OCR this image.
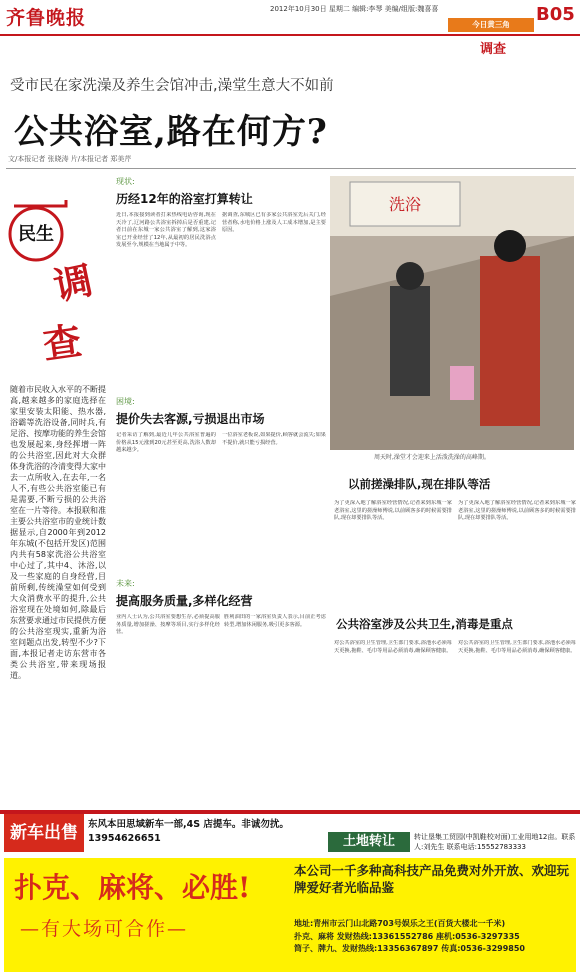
齐鲁晚报	2012年10月30日 星期二 编辑:李琴 美编/组版:魏喜喜
今日黄三角	B05
调查
受市民在家洗澡及养生会馆冲击,澡堂生意大不如前
公共浴室,路在何方?
文/本报记者 张晓涛 片/本报记者 郑美芹
民生
调
查
随着市民收入水平的不断提高,越来越多的家庭选择在家里安装太阳能、热水器,浴霸等洗浴设备,同时兵,有足浴、按摩功能的养生会馆也发展起来,身经挥增一阵的公共浴室,因此对大众群体身洗浴的冷清变得大家中去一点所收入,在去年,一名人不,有些公共浴室能已有是需要,不断亏损的公共浴室在一片等待。本报联和准主要公共浴室市的业统计数据显示,自2000年到2012年东城(不包括开发区)范围内共有58家洗浴公共浴室中心过了,其中4、沐浴,以及一些家庭的自身经营,目前所剩,传统澡堂如何受到大众消费水平的提升,公共浴室现在处境如何,除最后东营要求通过市民提供方便的公共浴室现实,重新为浴室问题点出发,转型不少?下面,本报记者走访东营市各类公共浴室,带来现场报道。
现状:
历经12年的浴室打算转让
近日,本报接到读者打来热线电话咨询,现在天冷了,辽河路公共浴室拆掉后是否重建,记者日前在东城一家公共浴室了解到,这家浴室已开业经营了12年,从最初的居民洗浴点发展至今,规模在当地属于中等。
据调查,东城区已有多家公共浴室先后关门,经营者称,水电价格上涨及人工成本增加,是主要原因。
困境:
提价失去客源,亏损退出市场
记者采访了解到,最近几年公共浴室普遍的价格从15元涨到20元甚至更高,洗浴人数却越来越少。
一位浴室老板说,如果提价,顾客就会流失;如果不提价,就只能亏损经营。
未来:
提高服务质量,多样化经营
业内人士认为,公共浴室要想生存,必须提高服务质量,增加搓澡、按摩等项目,实行多样化经营。
胜利油田的一家浴室负责人表示,目前正考虑转型,增加休闲服务,吸引更多客源。
洗浴
周天时,澡堂才会迎来上活泼洗澡的高峰期。
以前搓澡排队,现在排队等活
为了更深入地了解浴室经营情况,记者来到东城一家老浴室,这里的搓澡师傅说,以前顾客多的时候需要排队,现在却要排队等活。
为了更深入地了解浴室经营情况,记者来到东城一家老浴室,这里的搓澡师傅说,以前顾客多的时候需要排队,现在却要排队等活。
公共浴室涉及公共卫生,消毒是重点
对公共浴室的卫生管理,卫生部门要求,浴池水必须每天更换,拖鞋、毛巾等用品必须消毒,确保顾客健康。
对公共浴室的卫生管理,卫生部门要求,浴池水必须每天更换,拖鞋、毛巾等用品必须消毒,确保顾客健康。
新车出售	东风本田思域新车一部,4S 店提车。非诚勿扰。13954626651	土地转让	转让垦集工贸园(中凯鞋校对面)工业用地12亩。联系人:刘先生 联系电话:15552783333
扑克、麻将、必胜!
—有大场可合作—
本公司一千多种高科技产品免费对外开放、欢迎玩牌爱好者光临品鉴
地址:青州市云门山北路703号娱乐之王(百货大楼北一千米)
扑克、麻将 发财热线:13361552786 座机:0536-3297335
筒子、牌九、发财热线:13356367897 传真:0536-3299850
